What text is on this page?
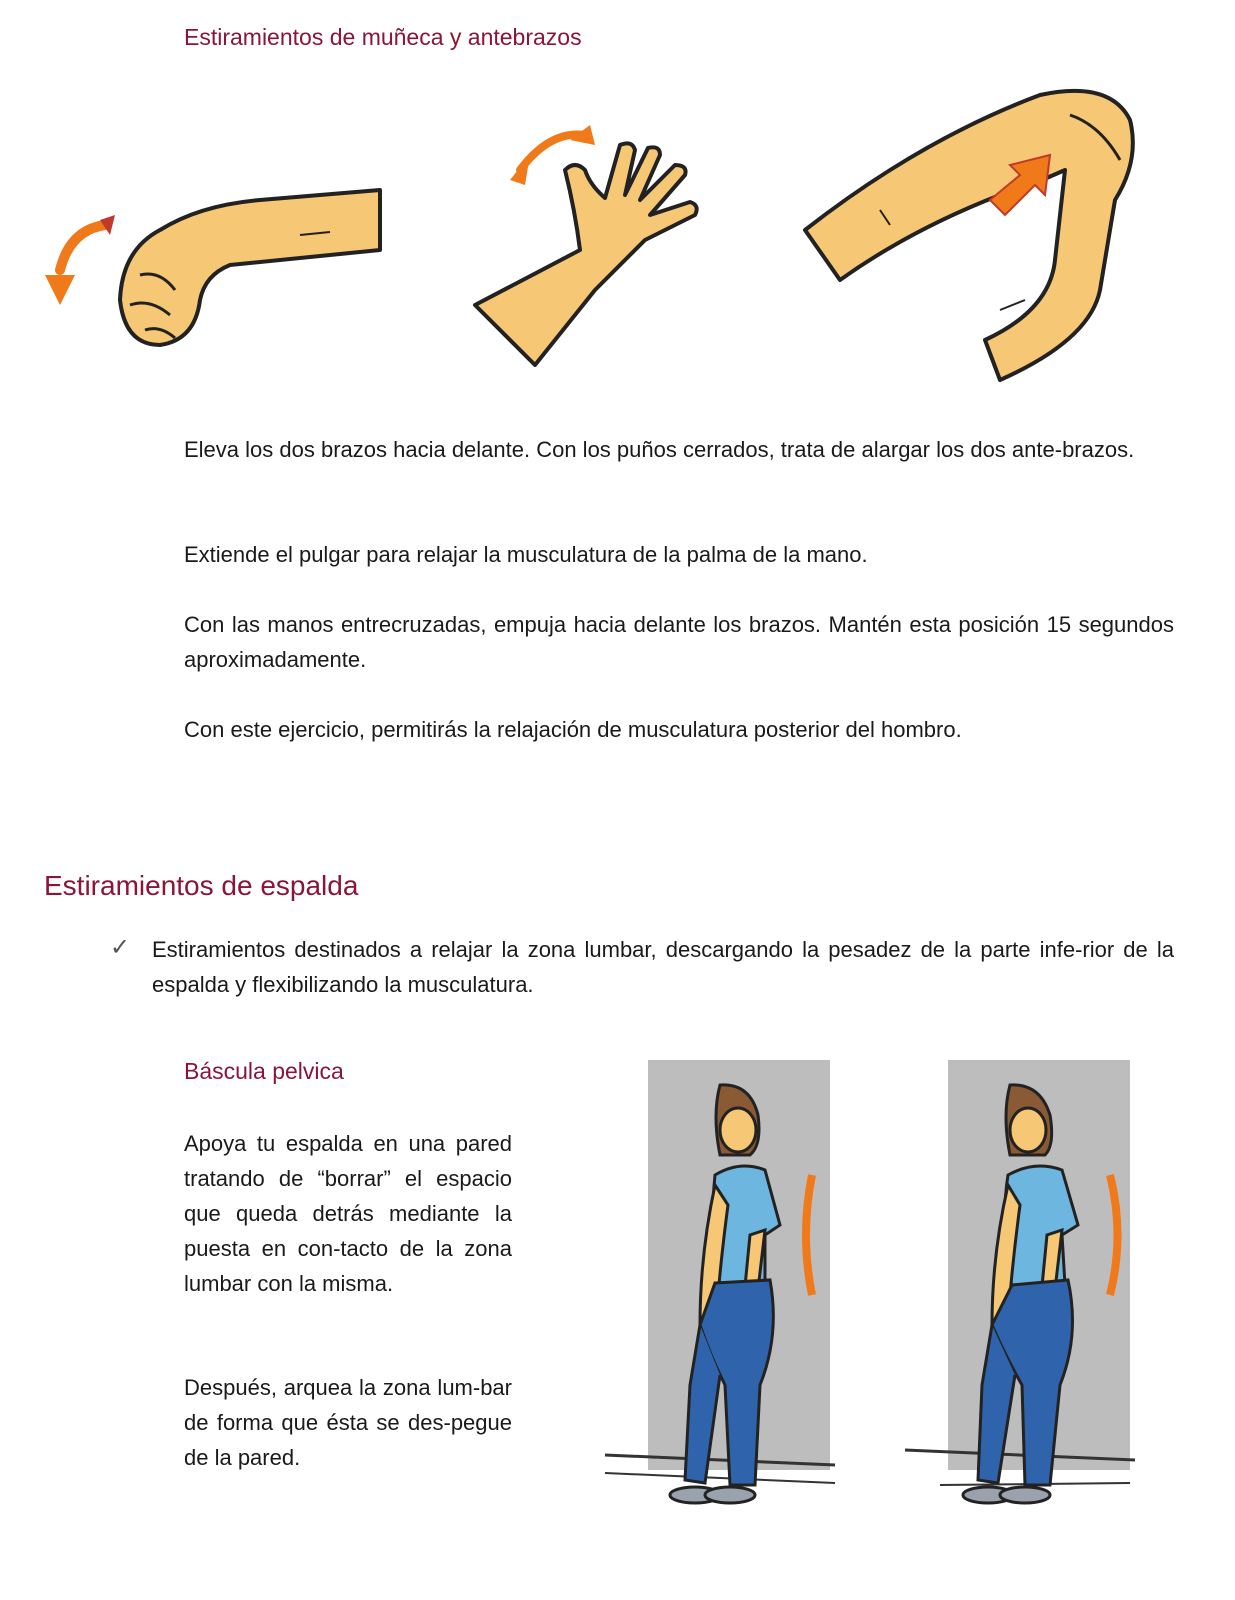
Estiramientos de muñeca y antebrazos
Eleva los dos brazos hacia delante. Con los puños cerrados, trata de alargar los dos ante-brazos.
Extiende el pulgar para relajar la musculatura de la palma de la mano.
Con las manos entrecruzadas, empuja hacia delante los brazos. Mantén esta posición 15 segundos aproximadamente.
Con este ejercicio, permitirás la relajación de musculatura posterior del hombro.
Estiramientos de espalda
✓ Estiramientos destinados a relajar la zona lumbar, descargando la pesadez de la parte infe-rior de la espalda y flexibilizando la musculatura.
Báscula pelvica
Apoya tu espalda en una pared tratando de “borrar” el espacio que queda detrás mediante la puesta en con-tacto de la zona lumbar con la misma.
Después, arquea la zona lum-bar de forma que ésta se des-pegue de la pared.
